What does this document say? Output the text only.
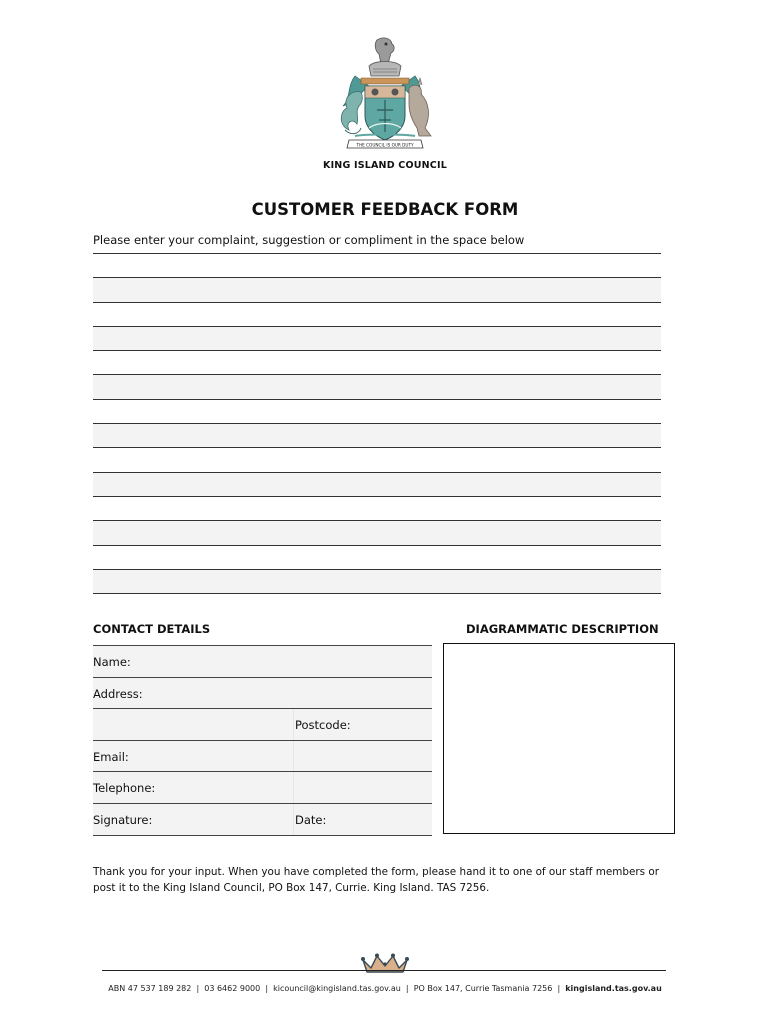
THE COUNCIL IS OUR DUTY
KING ISLAND COUNCIL
CUSTOMER FEEDBACK FORM
Please enter your complaint, suggestion or compliment in the space below
CONTACT DETAILS	DIAGRAMMATIC DESCRIPTION
Name:
Address:
Postcode:
Email:
Telephone:
Signature:	Date:
Thank you for your input. When you have completed the form, please hand it to one of our staff members or
post it to the King Island Council, PO Box 147, Currie. King Island. TAS 7256.
ABN 47 537 189 282 | 03 6462 9000 | kicouncil@kingisland.tas.gov.au | PO Box 147, Currie Tasmania 7256 | kingisland.tas.gov.au
